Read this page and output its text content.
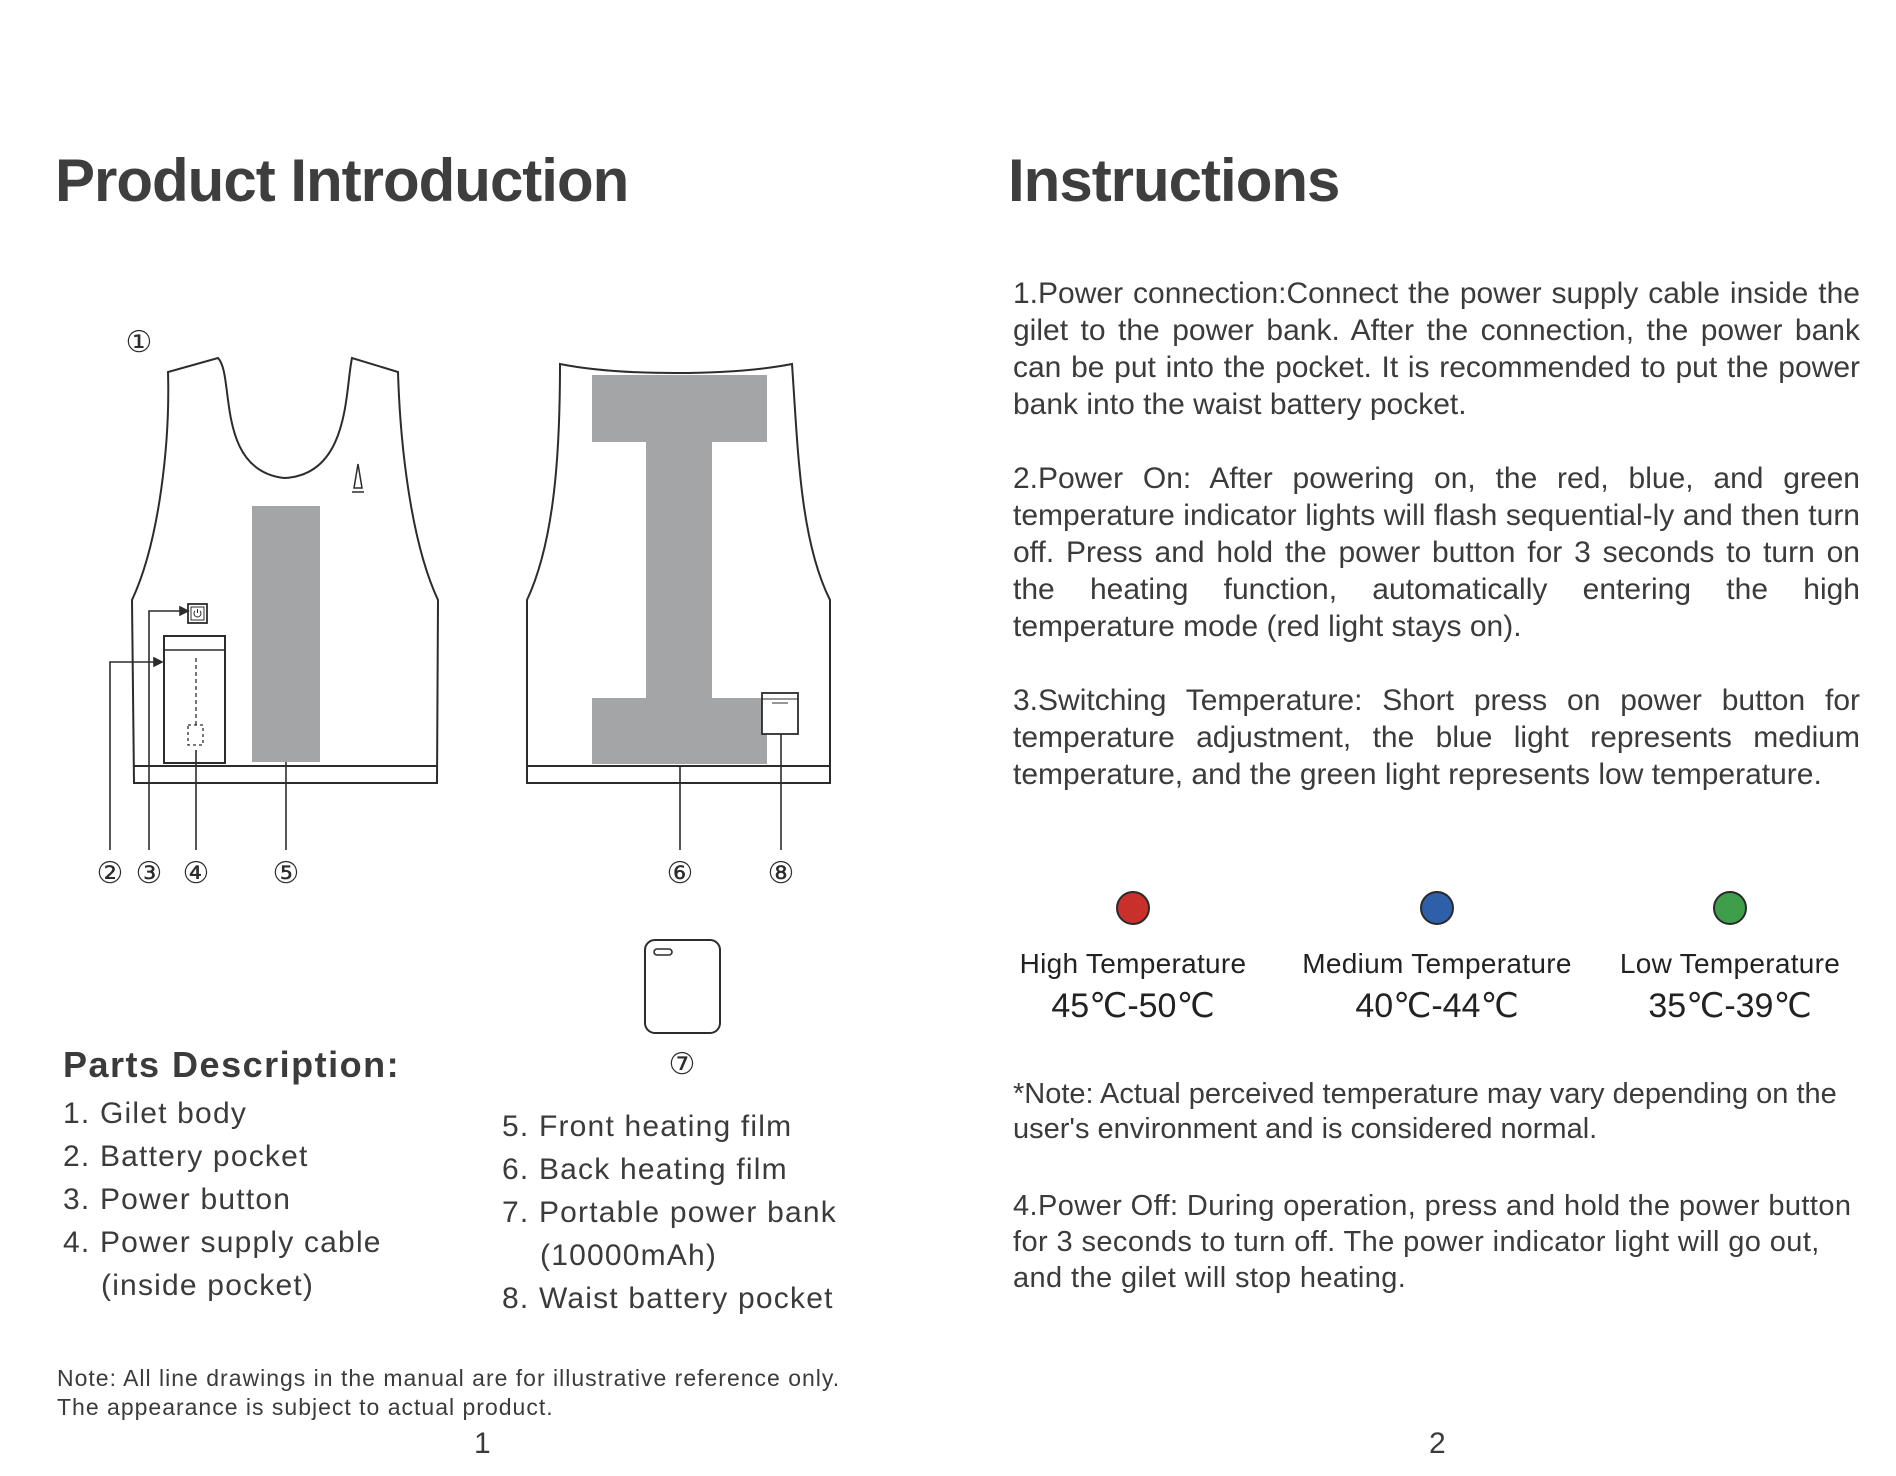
Product Introduction
①
② ③ ④ ⑤	⑥ ⑧
⑦
Parts Description:
1. Gilet body
2. Battery pocket
3. Power button
4. Power supply cable
(inside pocket)
5. Front heating film
6. Back heating film
7. Portable power bank
(10000mAh)
8. Waist battery pocket
Note: All line drawings in the manual are for illustrative reference only.
The appearance is subject to actual product.
1
Instructions
1.Power connection:Connect the power supply cable inside the gilet to the power bank. After the connection, the power bank can be put into the pocket. It is recommended to put the power bank into the waist battery pocket.
2.Power On: After powering on, the red, blue, and green temperature indicator lights will flash sequential-ly and then turn off. Press and hold the power button for 3 seconds to turn on the heating function, automatically entering the high temperature mode (red light stays on).
3.Switching Temperature: Short press on power button for temperature adjustment, the blue light represents medium temperature, and the green light represents low temperature.
High Temperature	Medium Temperature	Low Temperature
45℃-50℃	40℃-44℃	35℃-39℃
*Note: Actual perceived temperature may vary depending on the user's environment and is considered normal.
4.Power Off: During operation, press and hold the power button for 3 seconds to turn off. The power indicator light will go out, and the gilet will stop heating.
2
